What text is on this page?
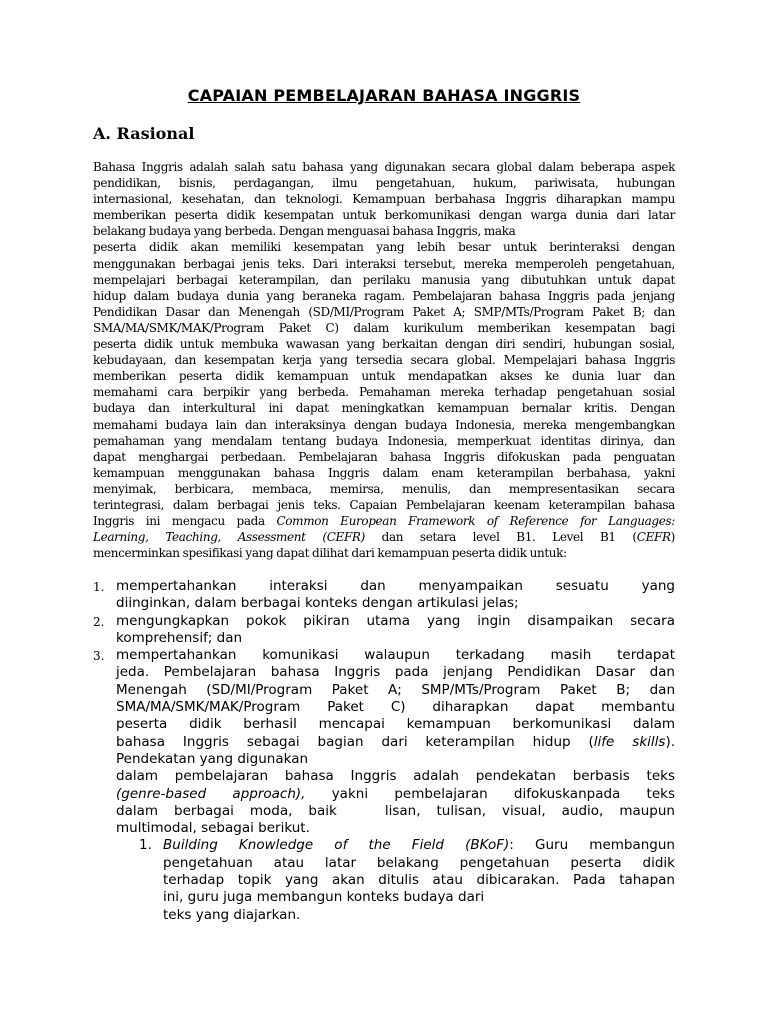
CAPAIAN PEMBELAJARAN BAHASA INGGRIS
A. Rasional
Bahasa Inggris adalah salah satu bahasa yang digunakan secara global dalam beberapa aspek
pendidikan, bisnis, perdagangan, ilmu pengetahuan, hukum, pariwisata, hubungan
internasional, kesehatan, dan teknologi. Kemampuan berbahasa Inggris diharapkan mampu
memberikan peserta didik kesempatan untuk berkomunikasi dengan warga dunia dari latar
belakang budaya yang berbeda. Dengan menguasai bahasa Inggris, maka
peserta didik akan memiliki kesempatan yang lebih besar untuk berinteraksi dengan
menggunakan berbagai jenis teks. Dari interaksi tersebut, mereka memperoleh pengetahuan,
mempelajari berbagai keterampilan, dan perilaku manusia yang dibutuhkan untuk dapat
hidup dalam budaya dunia yang beraneka ragam. Pembelajaran bahasa Inggris pada jenjang
Pendidikan Dasar dan Menengah (SD/MI/Program Paket A; SMP/MTs/Program Paket B; dan
SMA/MA/SMK/MAK/Program Paket C) dalam kurikulum memberikan kesempatan bagi
peserta didik untuk membuka wawasan yang berkaitan dengan diri sendiri, hubungan sosial,
kebudayaan, dan kesempatan kerja yang tersedia secara global. Mempelajari bahasa Inggris
memberikan peserta didik kemampuan untuk mendapatkan akses ke dunia luar dan
memahami cara berpikir yang berbeda. Pemahaman mereka terhadap pengetahuan sosial
budaya dan interkultural ini dapat meningkatkan kemampuan bernalar kritis. Dengan
memahami budaya lain dan interaksinya dengan budaya Indonesia, mereka mengembangkan
pemahaman yang mendalam tentang budaya Indonesia, memperkuat identitas dirinya, dan
dapat menghargai perbedaan. Pembelajaran bahasa Inggris difokuskan pada penguatan
kemampuan menggunakan bahasa Inggris dalam enam keterampilan berbahasa, yakni
menyimak, berbicara, membaca, memirsa, menulis, dan mempresentasikan secara
terintegrasi, dalam berbagai jenis teks. Capaian Pembelajaran keenam keterampilan bahasa
Inggris ini mengacu pada Common European Framework of Reference for Languages:
Learning, Teaching, Assessment (CEFR) dan setara level B1. Level B1 (CEFR)
mencerminkan spesifikasi yang dapat dilihat dari kemampuan peserta didik untuk:
1. mempertahankan interaksi dan menyampaikan sesuatu yang
diinginkan, dalam berbagai konteks dengan artikulasi jelas;
2. mengungkapkan pokok pikiran utama yang ingin disampaikan secara
komprehensif; dan
3. mempertahankan komunikasi walaupun terkadang masih terdapat
jeda. Pembelajaran bahasa Inggris pada jenjang Pendidikan Dasar dan
Menengah (SD/MI/Program Paket A; SMP/MTs/Program Paket B; dan
SMA/MA/SMK/MAK/Program Paket C) diharapkan dapat membantu
peserta didik berhasil mencapai kemampuan berkomunikasi dalam
bahasa Inggris sebagai bagian dari keterampilan hidup (life skills).
Pendekatan yang digunakan
dalam pembelajaran bahasa Inggris adalah pendekatan berbasis teks
(genre-based approach), yakni pembelajaran difokuskanpada teks
dalam berbagai moda, baik   lisan, tulisan, visual, audio, maupun
multimodal, sebagai berikut.
1. Building Knowledge of the Field (BKoF): Guru membangun
pengetahuan atau latar belakang pengetahuan peserta didik
terhadap topik yang akan ditulis atau dibicarakan. Pada tahapan
ini, guru juga membangun konteks budaya dari
teks yang diajarkan.
